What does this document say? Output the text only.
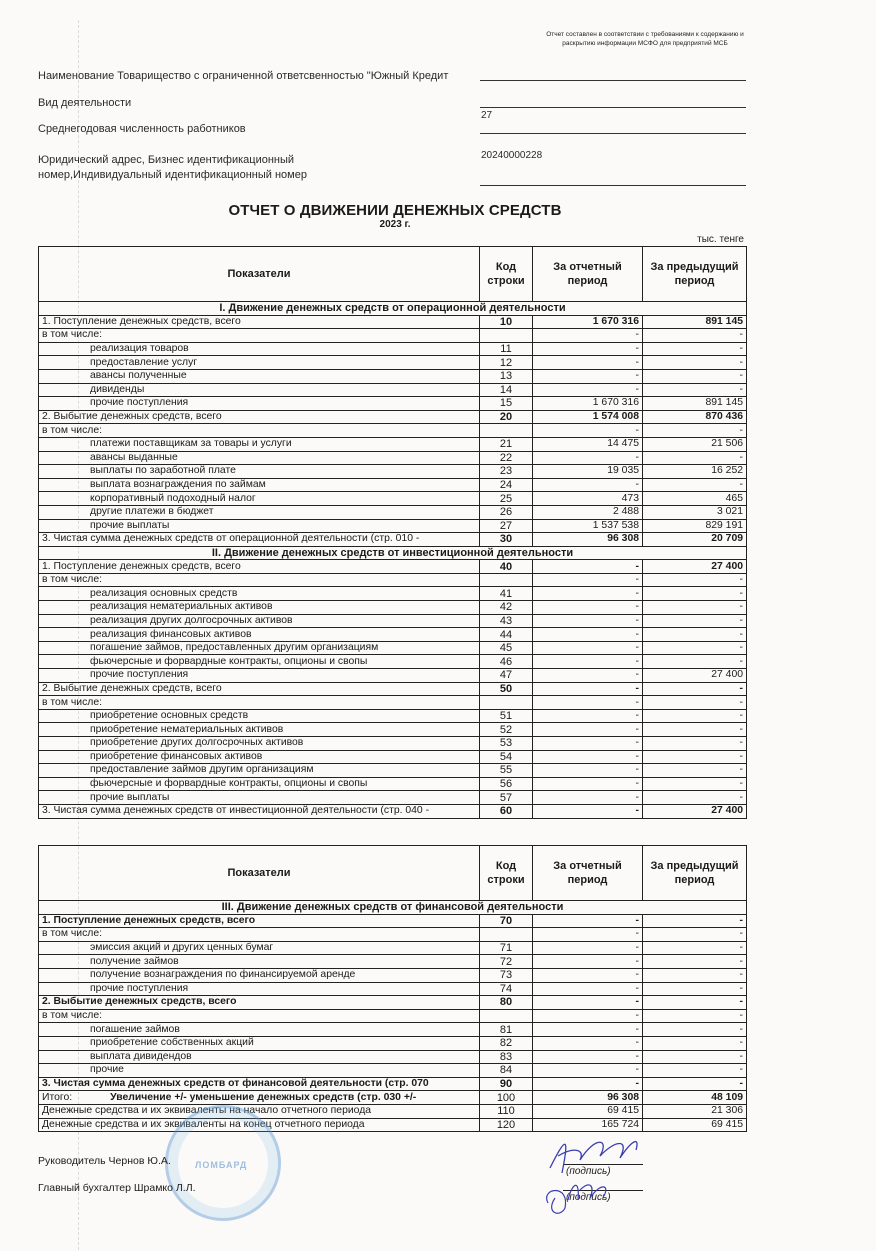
Отчет составлен в соответствии с требованиями к содержанию и раскрытию информации МСФО для предприятий МСБ
Наименование Товарищество с ограниченной ответсвенностью "Южный Кредит
Вид деятельности
27
Среднегодовая численность работников
20240000228
Юридический адрес, Бизнес идентификационный
номер,Индивидуальный идентификационный номер
ОТЧЕТ О ДВИЖЕНИИ ДЕНЕЖНЫХ СРЕДСТВ
2023 г.
тыс. тенге
Показатели	Код строки	За отчетный период	За предыдущий период
I. Движение денежных средств от операционной деятельности			
1. Поступление денежных средств, всего	10	1 670 316	891 145
в том числе:		-	-
реализация товаров	11	-	-
предоставление услуг	12	-	-
авансы полученные	13	-	-
дивиденды	14	-	-
прочие поступления	15	1 670 316	891 145
2. Выбытие денежных средств, всего	20	1 574 008	870 436
в том числе:		-	-
платежи поставщикам за товары и услуги	21	14 475	21 506
авансы выданные	22	-	-
выплаты по заработной плате	23	19 035	16 252
выплата вознаграждения по займам	24	-	-
корпоративный подоходный налог	25	473	465
другие платежи в бюджет	26	2 488	3 021
прочие выплаты	27	1 537 538	829 191
3. Чистая сумма денежных средств от операционной деятельности (стр. 010 -	30	96 308	20 709
II. Движение денежных средств от инвестиционной деятельности			
1. Поступление денежных средств, всего	40	-	27 400
в том числе:		-	-
реализация основных средств	41	-	-
реализация нематериальных активов	42	-	-
реализация других долгосрочных активов	43	-	-
реализация финансовых активов	44	-	-
погашение займов, предоставленных другим организациям	45	-	-
фьючерсные и форвардные контракты, опционы и свопы	46	-	-
прочие поступления	47	-	27 400
2. Выбытие денежных средств, всего	50	-	-
в том числе:		-	-
приобретение основных средств	51	-	-
приобретение нематериальных активов	52	-	-
приобретение других долгосрочных активов	53	-	-
приобретение финансовых активов	54	-	-
предоставление займов другим организациям	55	-	-
фьючерсные и форвардные контракты, опционы и свопы	56	-	-
прочие выплаты	57	-	-
3. Чистая сумма денежных средств от инвестиционной деятельности (стр. 040 -	60	-	27 400
Показатели	Код строки	За отчетный период	За предыдущий период
III. Движение денежных средств от финансовой деятельности			
1. Поступление денежных средств, всего	70	-	-
в том числе:		-	-
эмиссия акций и других ценных бумаг	71	-	-
получение займов	72	-	-
получение вознаграждения по финансируемой аренде	73	-	-
прочие поступления	74	-	-
2. Выбытие денежных средств, всего	80	-	-
в том числе:		-	-
погашение займов	81	-	-
приобретение собственных акций	82	-	-
выплата дивидендов	83	-	-
прочие	84	-	-
3. Чистая сумма денежных средств от финансовой деятельности (стр. 070	90	-	-
Итого: Увеличение +/- уменьшение денежных средств (стр. 030 +/-	100	96 308	48 109
Денежные средства и их эквиваленты на начало отчетного периода	110	69 415	21 306
Денежные средства и их эквиваленты на конец отчетного периода	120	165 724	69 415
ЛОМБАРД
Руководитель Чернов Ю.А.
Главный бухгалтер Шрамко Л.Л.
(подпись)
(подпись)
